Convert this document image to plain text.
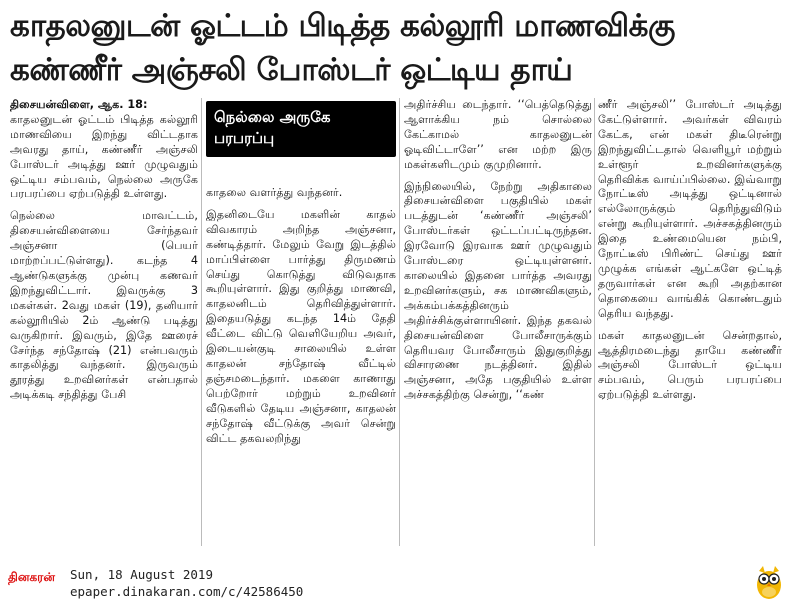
காதலனுடன் ஓட்டம் பிடித்த கல்லூரி மாணவிக்கு
கண்ணீர் அஞ்சலி போஸ்டர் ஒட்டிய தாய்

திசையன்விளை, ஆக. 18:
காதலனுடன் ஓட்டம் பிடித்த கல்லூரி மாணவியை இறந்து விட்டதாக அவரது தாய், கண்ணீர் அஞ்சலி போஸ்டர் அடித்து ஊர் முழுவதும் ஒட்டிய சம்பவம், நெல்லை அருகே பரபரப்பை ஏற்படுத்தி உள்ளது.

நெல்லை மாவட்டம், திசையன்விளையை சேர்ந்தவர் அஞ்சனா (பெயர் மாற்றப்பட்டுள்ளது). கடந்த 4 ஆண்டுகளுக்கு முன்பு கணவர் இறந்துவிட்டார். இவருக்கு 3 மகள்கள். 2வது மகள் (19), தனியார் கல்லூரியில் 2ம் ஆண்டு படித்து வருகிறார். இவரும், இதே ஊரைச் சேர்ந்த சந்தோஷ் (21) என்பவரும் காதலித்து வந்தனர். இருவரும் தூரத்து உறவினர்கள் என்பதால் அடிக்கடி சந்தித்து பேசி

நெல்லை அருகே
பரபரப்பு

காதலை வளர்த்து வந்தனர்.

இதனிடையே மகளின் காதல் விவகாரம் அறிந்த அஞ்சனா, கண்டித்தார். மேலும் வேறு இடத்தில் மாப்பிள்ளை பார்த்து திருமணம் செய்து கொடுத்து விடுவதாக கூறியுள்ளார். இது குறித்து மாணவி, காதலனிடம் தெரிவித்துள்ளார். இதையடுத்து கடந்த 14ம் தேதி வீட்டை விட்டு வெளியேறிய அவர், இடையன்குடி சாலையில் உள்ள காதலன் சந்தோஷ் வீட்டில் தஞ்சமடைந்தார். மகளை காணாது பெற்றோர் மற்றும் உறவினர் வீடுகளில் தேடிய அஞ்சனா, காதலன் சந்தோஷ் வீட்டுக்கு அவர் சென்று விட்ட தகவலறிந்து

அதிர்ச்சிய டைந்தார். ‘‘பெத்தெடுத்து ஆளாக்கிய நம் சொல்லை கேட்காமல் காதலனுடன் ஓடிவிட்டாளே’’ என மற்ற இரு மகள்களிடமும் குமுறினார்.

இந்நிலையில், நேற்று அதிகாலை திசையன்விளை பகுதியில் மகள் படத்துடன் ‘கண்ணீர் அஞ்சலி’ போஸ்டர்கள் ஒட்டப்பட்டிருந்தன. இரவோடு இரவாக ஊர் முழுவதும் போஸ்டரை ஒட்டியுள்ளனர். காலையில் இதனை பார்த்த அவரது உறவினர்களும், சக மாணவிகளும், அக்கம்பக்கத்தினரும் அதிர்ச்சிக்குள்ளாயினர். இந்த தகவல் திசையன்விளை போலீசாருக்கும் தெரியவர போலீசாரும் இதுகுறித்து விசாரணை நடத்தினர். இதில் அஞ்சனா, அதே பகுதியில் உள்ள அச்சகத்திற்கு சென்று, ‘‘கண்

ணீர் அஞ்சலி’’ போஸ்டர் அடித்து கேட்டுள்ளார். அவர்கள் விவரம் கேட்க, என் மகள் திடீரென்று இறந்துவிட்டதால் வெளியூர் மற்றும் உள்ளூர் உறவினர்களுக்கு தெரிவிக்க வாய்ப்பில்லை. இவ்வாறு நோட்டீஸ் அடித்து ஒட்டினால் எல்லோருக்கும் தெரிந்துவிடும் என்று கூறியுள்ளார். அச்சகத்தினரும் இதை உண்மையென நம்பி, நோட்டீஸ் பிரிண்ட் செய்து ஊர் முழுக்க எங்கள் ஆட்களே ஒட்டித் தருவார்கள் என கூறி அதற்கான தொகையை வாங்கிக் கொண்டதும் தெரிய வந்தது.

மகள் காதலனுடன் சென்றதால், ஆத்திரமடைந்து தாயே கண்ணீர் அஞ்சலி போஸ்டர் ஒட்டிய சம்பவம், பெரும் பரபரப்பை ஏற்படுத்தி உள்ளது.

தினகரன் Sun, 18 August 2019
epaper.dinakaran.com/c/42586450
